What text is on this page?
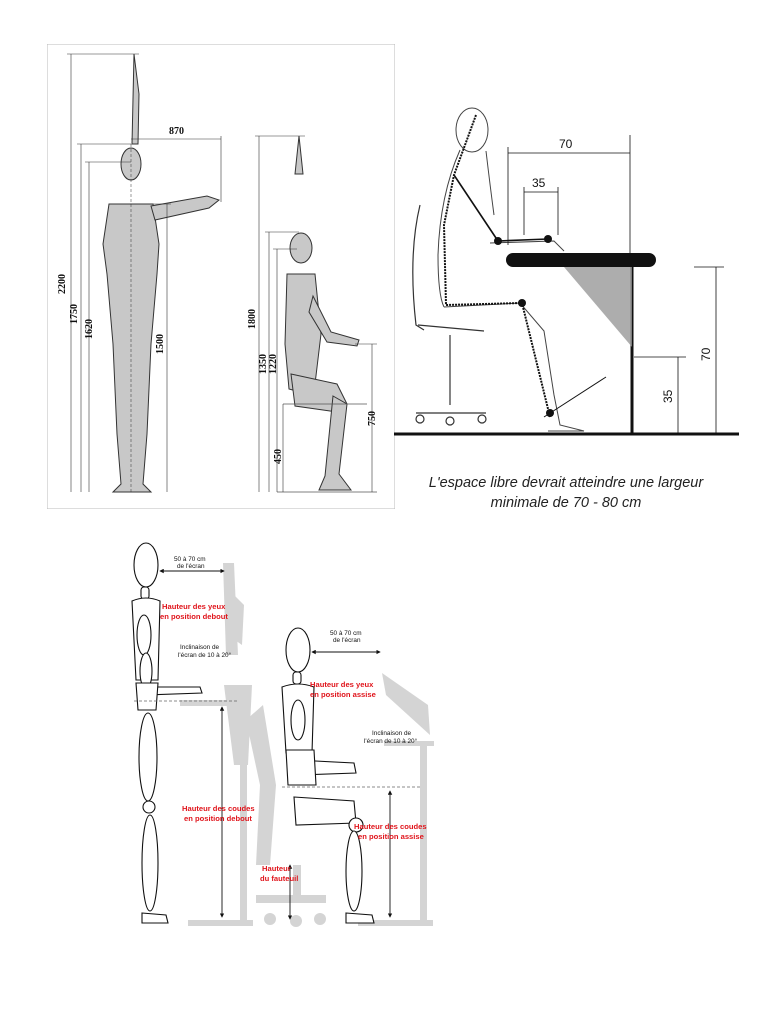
2200
1750
1620
1500
870
1800
1350 1220
450
750
70
35
70
35
L'espace libre devrait atteindre une largeur
minimale de 70 - 80 cm
50 à 70 cm
de l'écran
Hauteur des yeux
en position debout
Inclinaison de
l'écran de 10 à 20°
Hauteur des coudes
en position debout
50 à 70 cm
de l'écran
Hauteur des yeux
en position assise
Inclinaison de
l'écran de 10 à 20°
Hauteur des coudes
en position assise
Hauteur
du fauteuil
